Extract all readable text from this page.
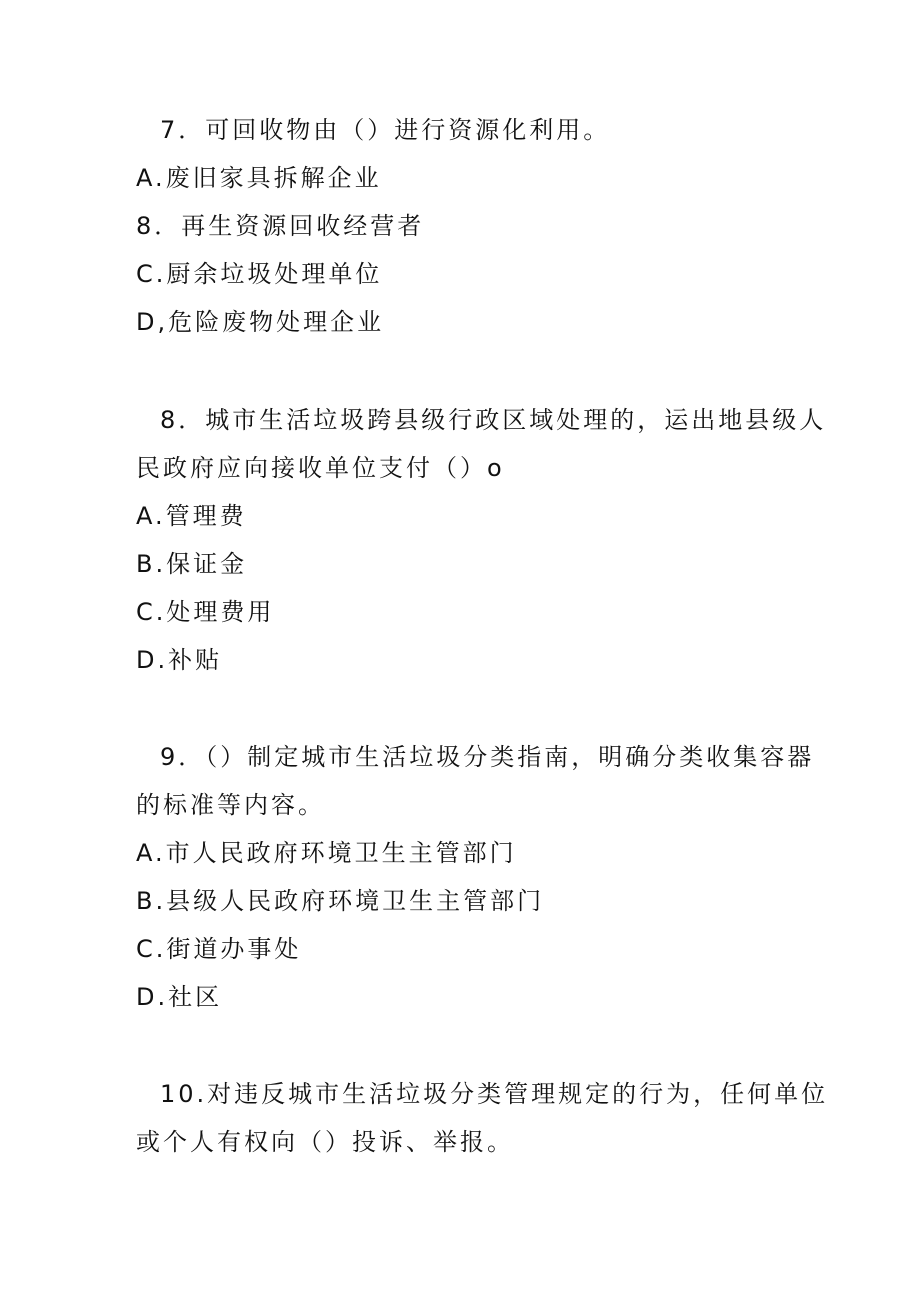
7．可回收物由（）进行资源化利用。
A.废旧家具拆解企业
8．再生资源回收经营者
C.厨余垃圾处理单位
D,危险废物处理企业
8．城市生活垃圾跨县级行政区域处理的，运出地县级人
民政府应向接收单位支付（）o
A.管理费
B.保证金
C.处理费用
D.补贴
9．（）制定城市生活垃圾分类指南，明确分类收集容器
的标准等内容。
A.市人民政府环境卫生主管部门
B.县级人民政府环境卫生主管部门
C.街道办事处
D.社区
10.对违反城市生活垃圾分类管理规定的行为，任何单位
或个人有权向（）投诉、举报。
